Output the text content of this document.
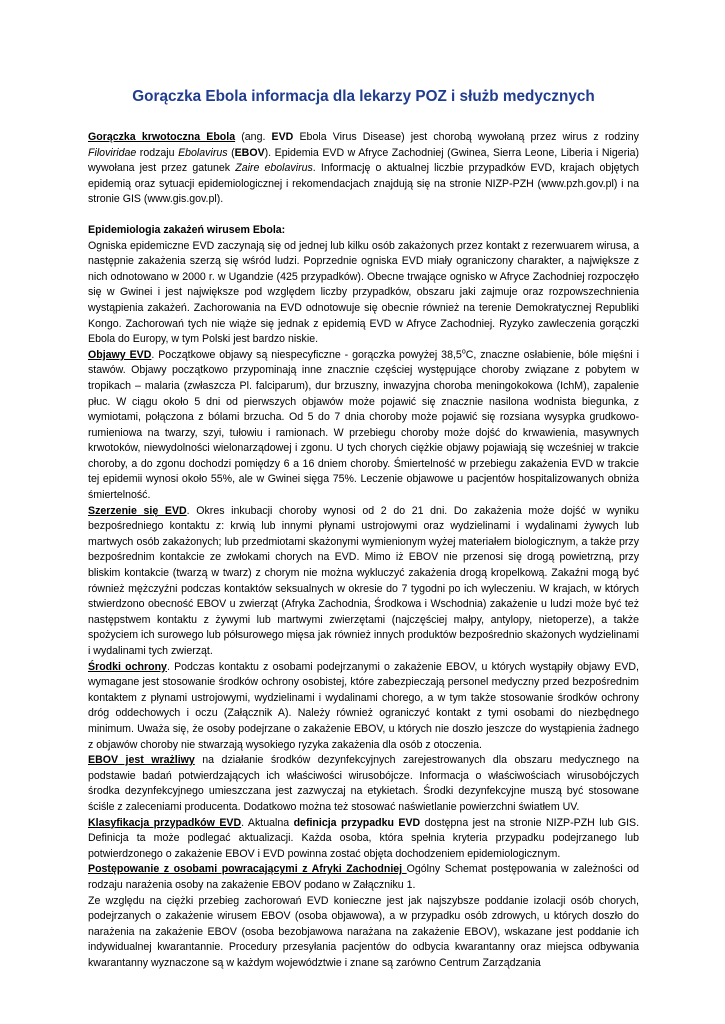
Gorączka Ebola informacja dla lekarzy POZ i służb medycznych

Gorączka krwotoczna Ebola (ang. EVD Ebola Virus Disease) jest chorobą wywołaną przez wirus z rodziny Filoviridae rodzaju Ebolavirus (EBOV). Epidemia EVD w Afryce Zachodniej (Gwinea, Sierra Leone, Liberia i Nigeria) wywołana jest przez gatunek Zaire ebolavirus. Informację o aktualnej liczbie przypadków EVD, krajach objętych epidemią oraz sytuacji epidemiologicznej i rekomendacjach znajdują się na stronie NIZP-PZH (www.pzh.gov.pl) i na stronie GIS (www.gis.gov.pl).

Epidemiologia zakażeń wirusem Ebola:

Ogniska epidemiczne EVD zaczynają się od jednej lub kilku osób zakażonych przez kontakt z rezerwuarem wirusa, a następnie zakażenia szerzą się wśród ludzi. Poprzednie ogniska EVD miały ograniczony charakter, a największe z nich odnotowano w 2000 r. w Ugandzie (425 przypadków). Obecne trwające ognisko w Afryce Zachodniej rozpoczęło się w Gwinei i jest największe pod względem liczby przypadków, obszaru jaki zajmuje oraz rozpowszechnienia wystąpienia zakażeń. Zachorowania na EVD odnotowuje się obecnie również na terenie Demokratycznej Republiki Kongo. Zachorowań tych nie wiąże się jednak z epidemią EVD w Afryce Zachodniej. Ryzyko zawleczenia gorączki Ebola do Europy, w tym Polski jest bardzo niskie.

Objawy EVD. Początkowe objawy są niespecyficzne - gorączka powyżej 38,5$^o$C, znaczne osłabienie, bóle mięśni i stawów. Objawy początkowo przypominają inne znacznie częściej występujące choroby związane z pobytem w tropikach – malaria (zwłaszcza Pl. falciparum), dur brzuszny, inwazyjna choroba meningokokowa (IchM), zapalenie płuc. W ciągu około 5 dni od pierwszych objawów może pojawić się znacznie nasilona wodnista biegunka, z wymiotami, połączona z bólami brzucha. Od 5 do 7 dnia choroby może pojawić się rozsiana wysypka grudkowo-rumieniowa na twarzy, szyi, tułowiu i ramionach. W przebiegu choroby może dojść do krwawienia, masywnych krwotoków, niewydolności wielonarządowej i zgonu. U tych chorych ciężkie objawy pojawiają się wcześniej w trakcie choroby, a do zgonu dochodzi pomiędzy 6 a 16 dniem choroby. Śmiertelność w przebiegu zakażenia EVD w trakcie tej epidemii wynosi około 55%, ale w Gwinei sięga 75%. Leczenie objawowe u pacjentów hospitalizowanych obniża śmiertelność.

Szerzenie się EVD. Okres inkubacji choroby wynosi od 2 do 21 dni. Do zakażenia może dojść w wyniku bezpośredniego kontaktu z: krwią lub innymi płynami ustrojowymi oraz wydzielinami i wydalinami żywych lub martwych osób zakażonych; lub przedmiotami skażonymi wymienionym wyżej materiałem biologicznym, a także przy bezpośrednim kontakcie ze zwłokami chorych na EVD. Mimo iż EBOV nie przenosi się drogą powietrzną, przy bliskim kontakcie (twarzą w twarz) z chorym nie można wykluczyć zakażenia drogą kropelkową. Zakaźni mogą być również mężczyźni podczas kontaktów seksualnych w okresie do 7 tygodni po ich wyleczeniu. W krajach, w których stwierdzono obecność EBOV u zwierząt (Afryka Zachodnia, Środkowa i Wschodnia) zakażenie u ludzi może być też następstwem kontaktu z żywymi lub martwymi zwierzętami (najczęściej małpy, antylopy, nietoperze), a także spożyciem ich surowego lub półsurowego mięsa jak również innych produktów bezpośrednio skażonych wydzielinami i wydalinami tych zwierząt.

Środki ochrony. Podczas kontaktu z osobami podejrzanymi o zakażenie EBOV, u których wystąpiły objawy EVD, wymagane jest stosowanie środków ochrony osobistej, które zabezpieczają personel medyczny przed bezpośrednim kontaktem z płynami ustrojowymi, wydzielinami i wydalinami chorego, a w tym także stosowanie środków ochrony dróg oddechowych i oczu (Załącznik A). Należy również ograniczyć kontakt z tymi osobami do niezbędnego minimum. Uważa się, że osoby podejrzane o zakażenie EBOV, u których nie doszło jeszcze do wystąpienia żadnego z objawów choroby nie stwarzają wysokiego ryzyka zakażenia dla osób z otoczenia.

EBOV jest wrażliwy na działanie środków dezynfekcyjnych zarejestrowanych dla obszaru medycznego na podstawie badań potwierdzających ich właściwości wirusobójcze. Informacja o właściwościach wirusobójczych środka dezynfekcyjnego umieszczana jest zazwyczaj na etykietach. Środki dezynfekcyjne muszą być stosowane ściśle z zaleceniami producenta. Dodatkowo można też stosować naświetlanie powierzchni światłem UV.

Klasyfikacja przypadków EVD. Aktualna definicja przypadku EVD dostępna jest na stronie NIZP-PZH lub GIS. Definicja ta może podlegać aktualizacji. Każda osoba, która spełnia kryteria przypadku podejrzanego lub potwierdzonego o zakażenie EBOV i EVD powinna zostać objęta dochodzeniem epidemiologicznym.

Postępowanie z osobami powracającymi z Afryki Zachodniej Ogólny Schemat postępowania w zależności od rodzaju narażenia osoby na zakażenie EBOV podano w Załączniku 1.

Ze względu na ciężki przebieg zachorowań EVD konieczne jest jak najszybsze poddanie izolacji osób chorych, podejrzanych o zakażenie wirusem EBOV (osoba objawowa), a w przypadku osób zdrowych, u których doszło do narażenia na zakażenie EBOV (osoba bezobjawowa narażana na zakażenie EBOV), wskazane jest poddanie ich indywidualnej kwarantannie. Procedury przesyłania pacjentów do odbycia kwarantanny oraz miejsca odbywania kwarantanny wyznaczone są w każdym województwie i znane są zarówno Centrum Zarządzania
